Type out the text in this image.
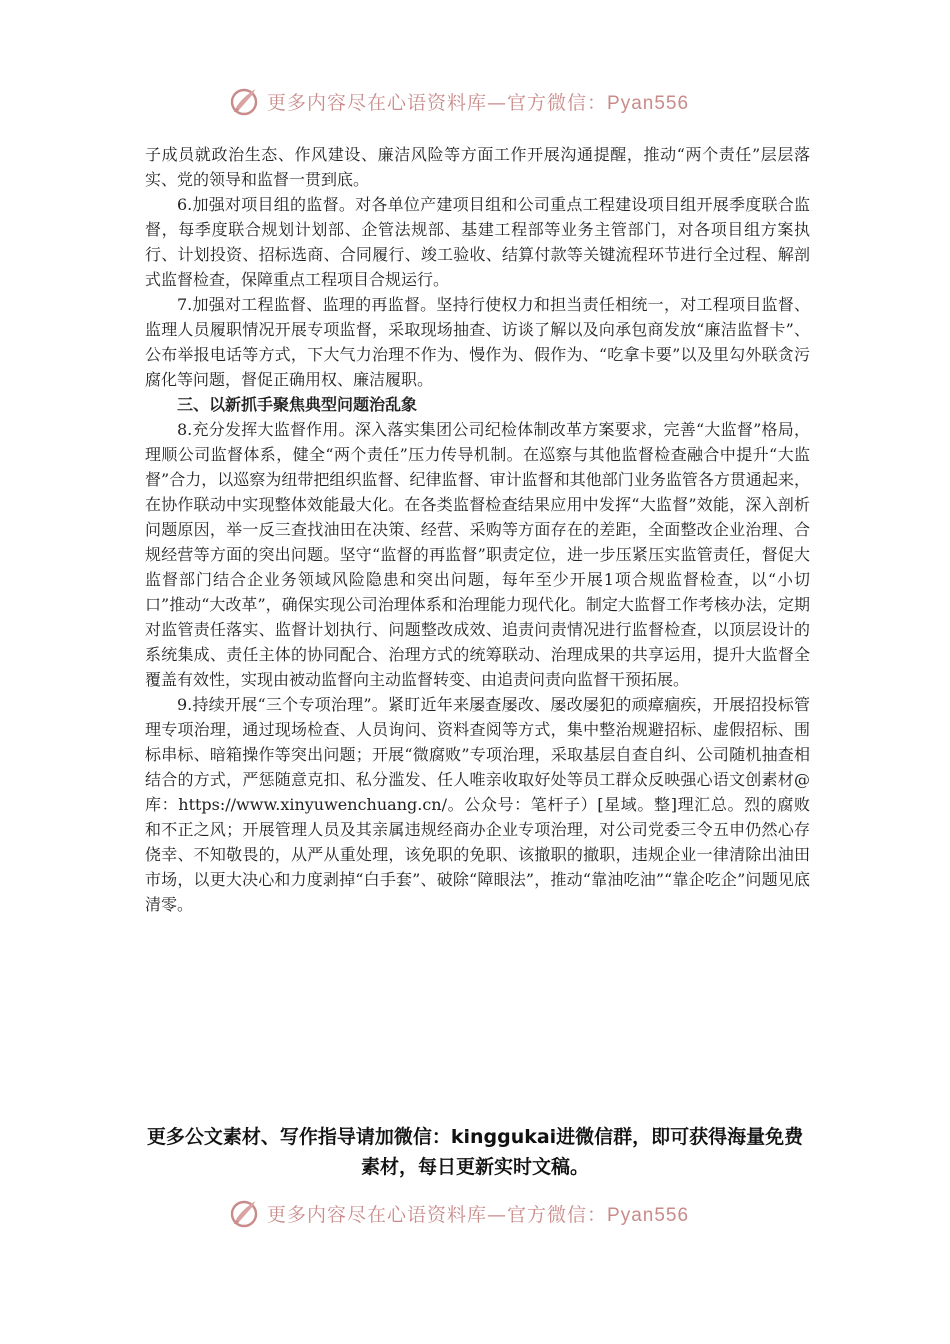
更多内容尽在心语资料库—官方微信：Pyan556

子成员就政治生态、作风建设、廉洁风险等方面工作开展沟通提醒，推动“两个责任”层层落实、党的领导和监督一贯到底。

6.加强对项目组的监督。对各单位产建项目组和公司重点工程建设项目组开展季度联合监督，每季度联合规划计划部、企管法规部、基建工程部等业务主管部门，对各项目组方案执行、计划投资、招标选商、合同履行、竣工验收、结算付款等关键流程环节进行全过程、解剖式监督检查，保障重点工程项目合规运行。

7.加强对工程监督、监理的再监督。坚持行使权力和担当责任相统一，对工程项目监督、监理人员履职情况开展专项监督，采取现场抽查、访谈了解以及向承包商发放“廉洁监督卡”、公布举报电话等方式，下大气力治理不作为、慢作为、假作为、“吃拿卡要”以及里勾外联贪污腐化等问题，督促正确用权、廉洁履职。

三、以新抓手聚焦典型问题治乱象

8.充分发挥大监督作用。深入落实集团公司纪检体制改革方案要求，完善“大监督”格局，理顺公司监督体系，健全“两个责任”压力传导机制。在巡察与其他监督检查融合中提升“大监督”合力，以巡察为纽带把组织监督、纪律监督、审计监督和其他部门业务监管各方贯通起来，在协作联动中实现整体效能最大化。在各类监督检查结果应用中发挥“大监督”效能，深入剖析问题原因，举一反三查找油田在决策、经营、采购等方面存在的差距，全面整改企业治理、合规经营等方面的突出问题。坚守“监督的再监督”职责定位，进一步压紧压实监管责任，督促大监督部门结合企业务领域风险隐患和突出问题，每年至少开展1项合规监督检查，以“小切口”推动“大改革”，确保实现公司治理体系和治理能力现代化。制定大监督工作考核办法，定期对监管责任落实、监督计划执行、问题整改成效、追责问责情况进行监督检查，以顶层设计的系统集成、责任主体的协同配合、治理方式的统筹联动、治理成果的共享运用，提升大监督全覆盖有效性，实现由被动监督向主动监督转变、由追责问责向监督干预拓展。

9.持续开展“三个专项治理”。紧盯近年来屡查屡改、屡改屡犯的顽瘴痼疾，开展招投标管理专项治理，通过现场检查、人员询问、资料查阅等方式，集中整治规避招标、虚假招标、围标串标、暗箱操作等突出问题；开展“微腐败”专项治理，采取基层自查自纠、公司随机抽查相结合的方式，严惩随意克扣、私分滥发、任人唯亲收取好处等员工群众反映强心语文创素材@库：https://www.xinyuwenchuang.cn/。公众号：笔杆子）[星域。整]理汇总。烈的腐败和不正之风；开展管理人员及其亲属违规经商办企业专项治理，对公司党委三令五申仍然心存侥幸、不知敬畏的，从严从重处理，该免职的免职、该撤职的撤职，违规企业一律清除出油田市场，以更大决心和力度剥掉“白手套”、破除“障眼法”，推动“靠油吃油”“靠企吃企”问题见底清零。

更多公文素材、写作指导请加微信：kinggukai进微信群，即可获得海量免费素材，每日更新实时文稿。
更多内容尽在心语资料库—官方微信：Pyan556
